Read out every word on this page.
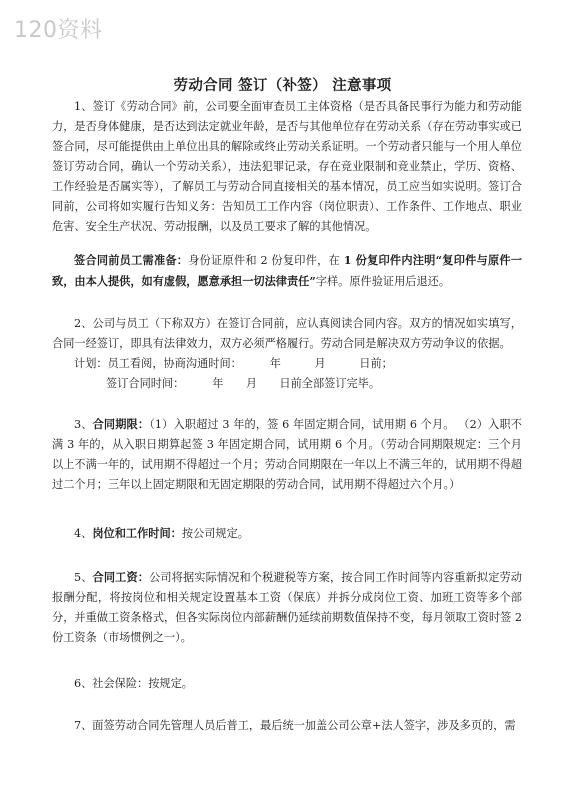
120资料
劳动合同 签订（补签） 注意事项
1、签订《劳动合同》前，公司要全面审查员工主体资格（是否具备民事行为能力和劳动能力，是否身体健康，是否达到法定就业年龄，是否与其他单位存在劳动关系（存在劳动事实或已签合同，尽可能提供由上单位出具的解除或终止劳动关系证明。一个劳动者只能与一个用人单位签订劳动合同，确认一个劳动关系），违法犯罪记录，存在竞业限制和竞业禁止，学历、资格、工作经验是否属实等），了解员工与劳动合同直接相关的基本情况，员工应当如实说明。签订合同前，公司将如实履行告知义务：告知员工工作内容（岗位职责）、工作条件、工作地点、职业危害、安全生产状况、劳动报酬，以及员工要求了解的其他情况。
签合同前员工需准备：身份证原件和 2 份复印件，在 1 份复印件内注明“复印件与原件一致，由本人提供，如有虚假，愿意承担一切法律责任”字样。原件验证用后退还。
2、公司与员工（下称双方）在签订合同前，应认真阅读合同内容。双方的情况如实填写，合同一经签订，即具有法律效力，双方必须严格履行。劳动合同是解决双方劳动争议的依据。
计划：员工看阅，协商沟通时间：　　　年　　　月　　　日前；
签订合同时间：　　　年　　月　　日前全部签订完毕。
3、合同期限：（1）入职超过 3 年的，签 6 年固定期合同，试用期 6 个月。 （2）入职不满 3 年的，从入职日期算起签 3 年固定期合同，试用期 6 个月。（劳动合同期限规定：三个月以上不满一年的，试用期不得超过一个月；劳动合同期限在一年以上不满三年的，试用期不得超过二个月；三年以上固定期限和无固定期限的劳动合同，试用期不得超过六个月。）
4、岗位和工作时间：按公司规定。
5、合同工资：公司将据实际情况和个税避税等方案，按合同工作时间等内容重新拟定劳动报酬分配，将按岗位和相关规定设置基本工资（保底）并拆分成岗位工资、加班工资等多个部分，并重做工资条格式，但各实际岗位内部薪酬仍延续前期数值保持不变，每月领取工资时签 2 份工资条（市场惯例之一）。
6、社会保险：按规定。
7、面签劳动合同先管理人员后普工，最后统一加盖公司公章+法人签字，涉及多页的，需
